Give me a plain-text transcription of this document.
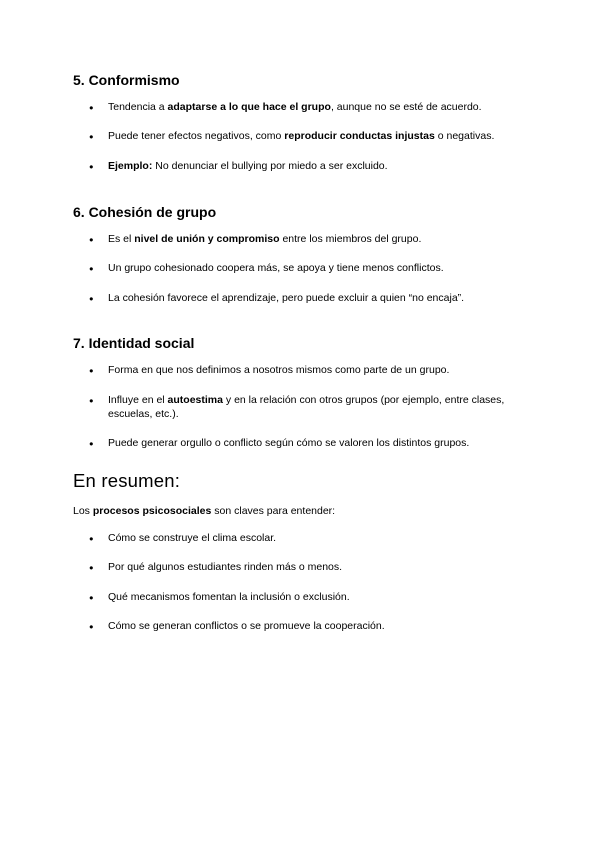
5. Conformismo
● Tendencia a adaptarse a lo que hace el grupo, aunque no se esté de acuerdo.
● Puede tener efectos negativos, como reproducir conductas injustas o negativas.
● Ejemplo: No denunciar el bullying por miedo a ser excluido.
6. Cohesión de grupo
● Es el nivel de unión y compromiso entre los miembros del grupo.
● Un grupo cohesionado coopera más, se apoya y tiene menos conflictos.
● La cohesión favorece el aprendizaje, pero puede excluir a quien “no encaja”.
7. Identidad social
● Forma en que nos definimos a nosotros mismos como parte de un grupo.
● Influye en el autoestima y en la relación con otros grupos (por ejemplo, entre clases, escuelas, etc.).
● Puede generar orgullo o conflicto según cómo se valoren los distintos grupos.
En resumen:

Los procesos psicosociales son claves para entender:

● Cómo se construye el clima escolar.
● Por qué algunos estudiantes rinden más o menos.
● Qué mecanismos fomentan la inclusión o exclusión.
● Cómo se generan conflictos o se promueve la cooperación.
